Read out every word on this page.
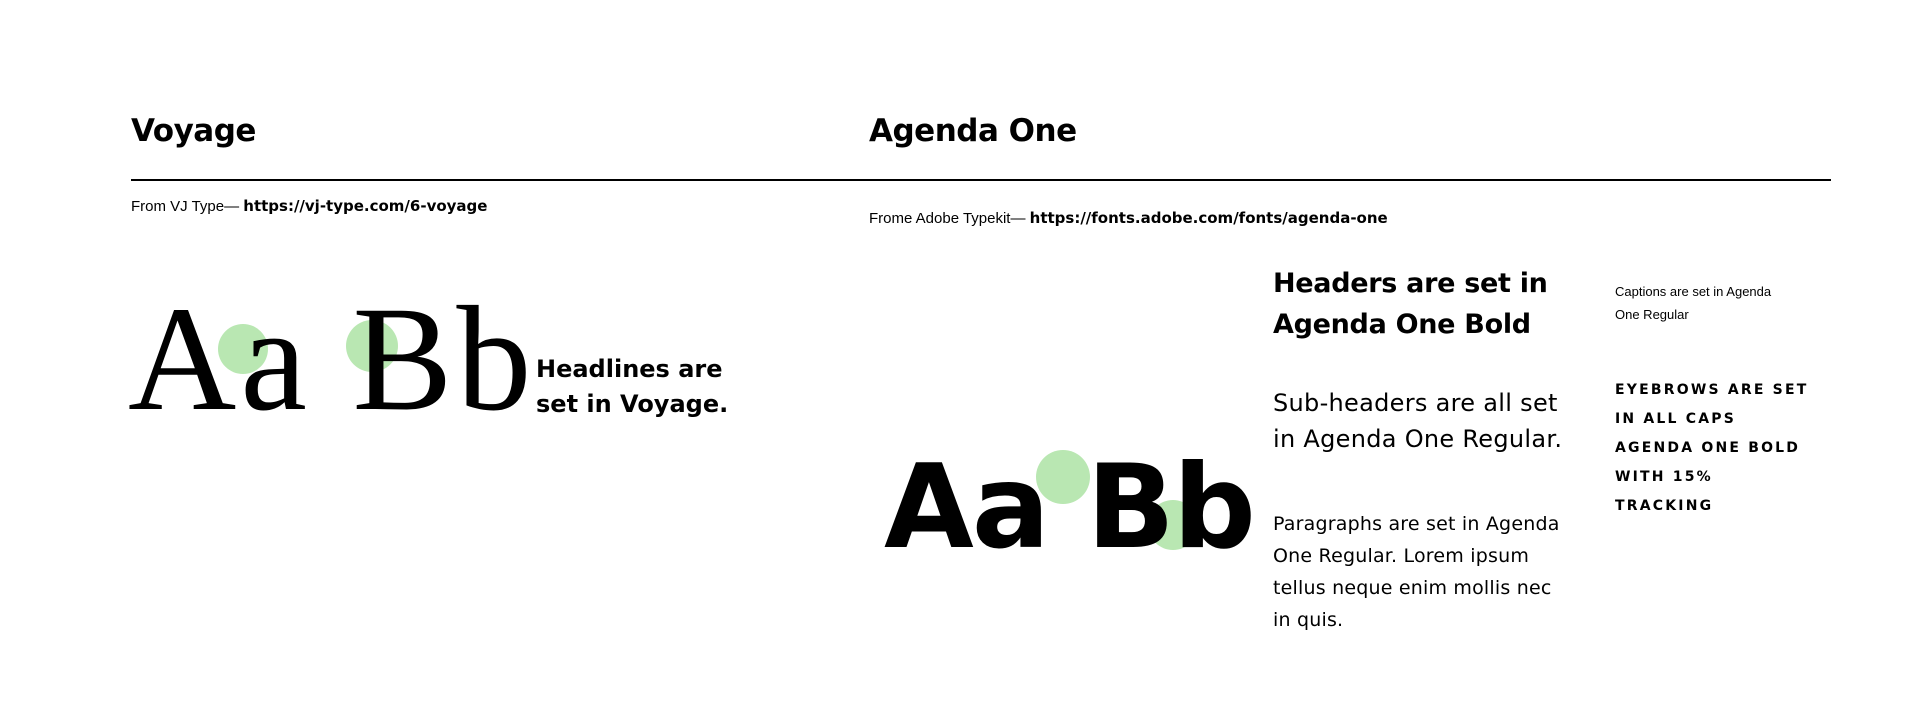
Voyage	Agenda One
From VJ Type— https://vj-type.com/6-voyage
Frome Adobe Typekit— https://fonts.adobe.com/fonts/agenda-one
Aa Bb Headlines are set in Voyage.
Aa Bb
Headers are set in Agenda One Bold
Sub-headers are all set in Agenda One Regular.
Paragraphs are set in Agenda One Regular. Lorem ipsum tellus neque enim mollis nec in quis.
Captions are set in Agenda One Regular
EYEBROWS ARE SET IN ALL CAPS AGENDA ONE BOLD WITH 15% TRACKING
